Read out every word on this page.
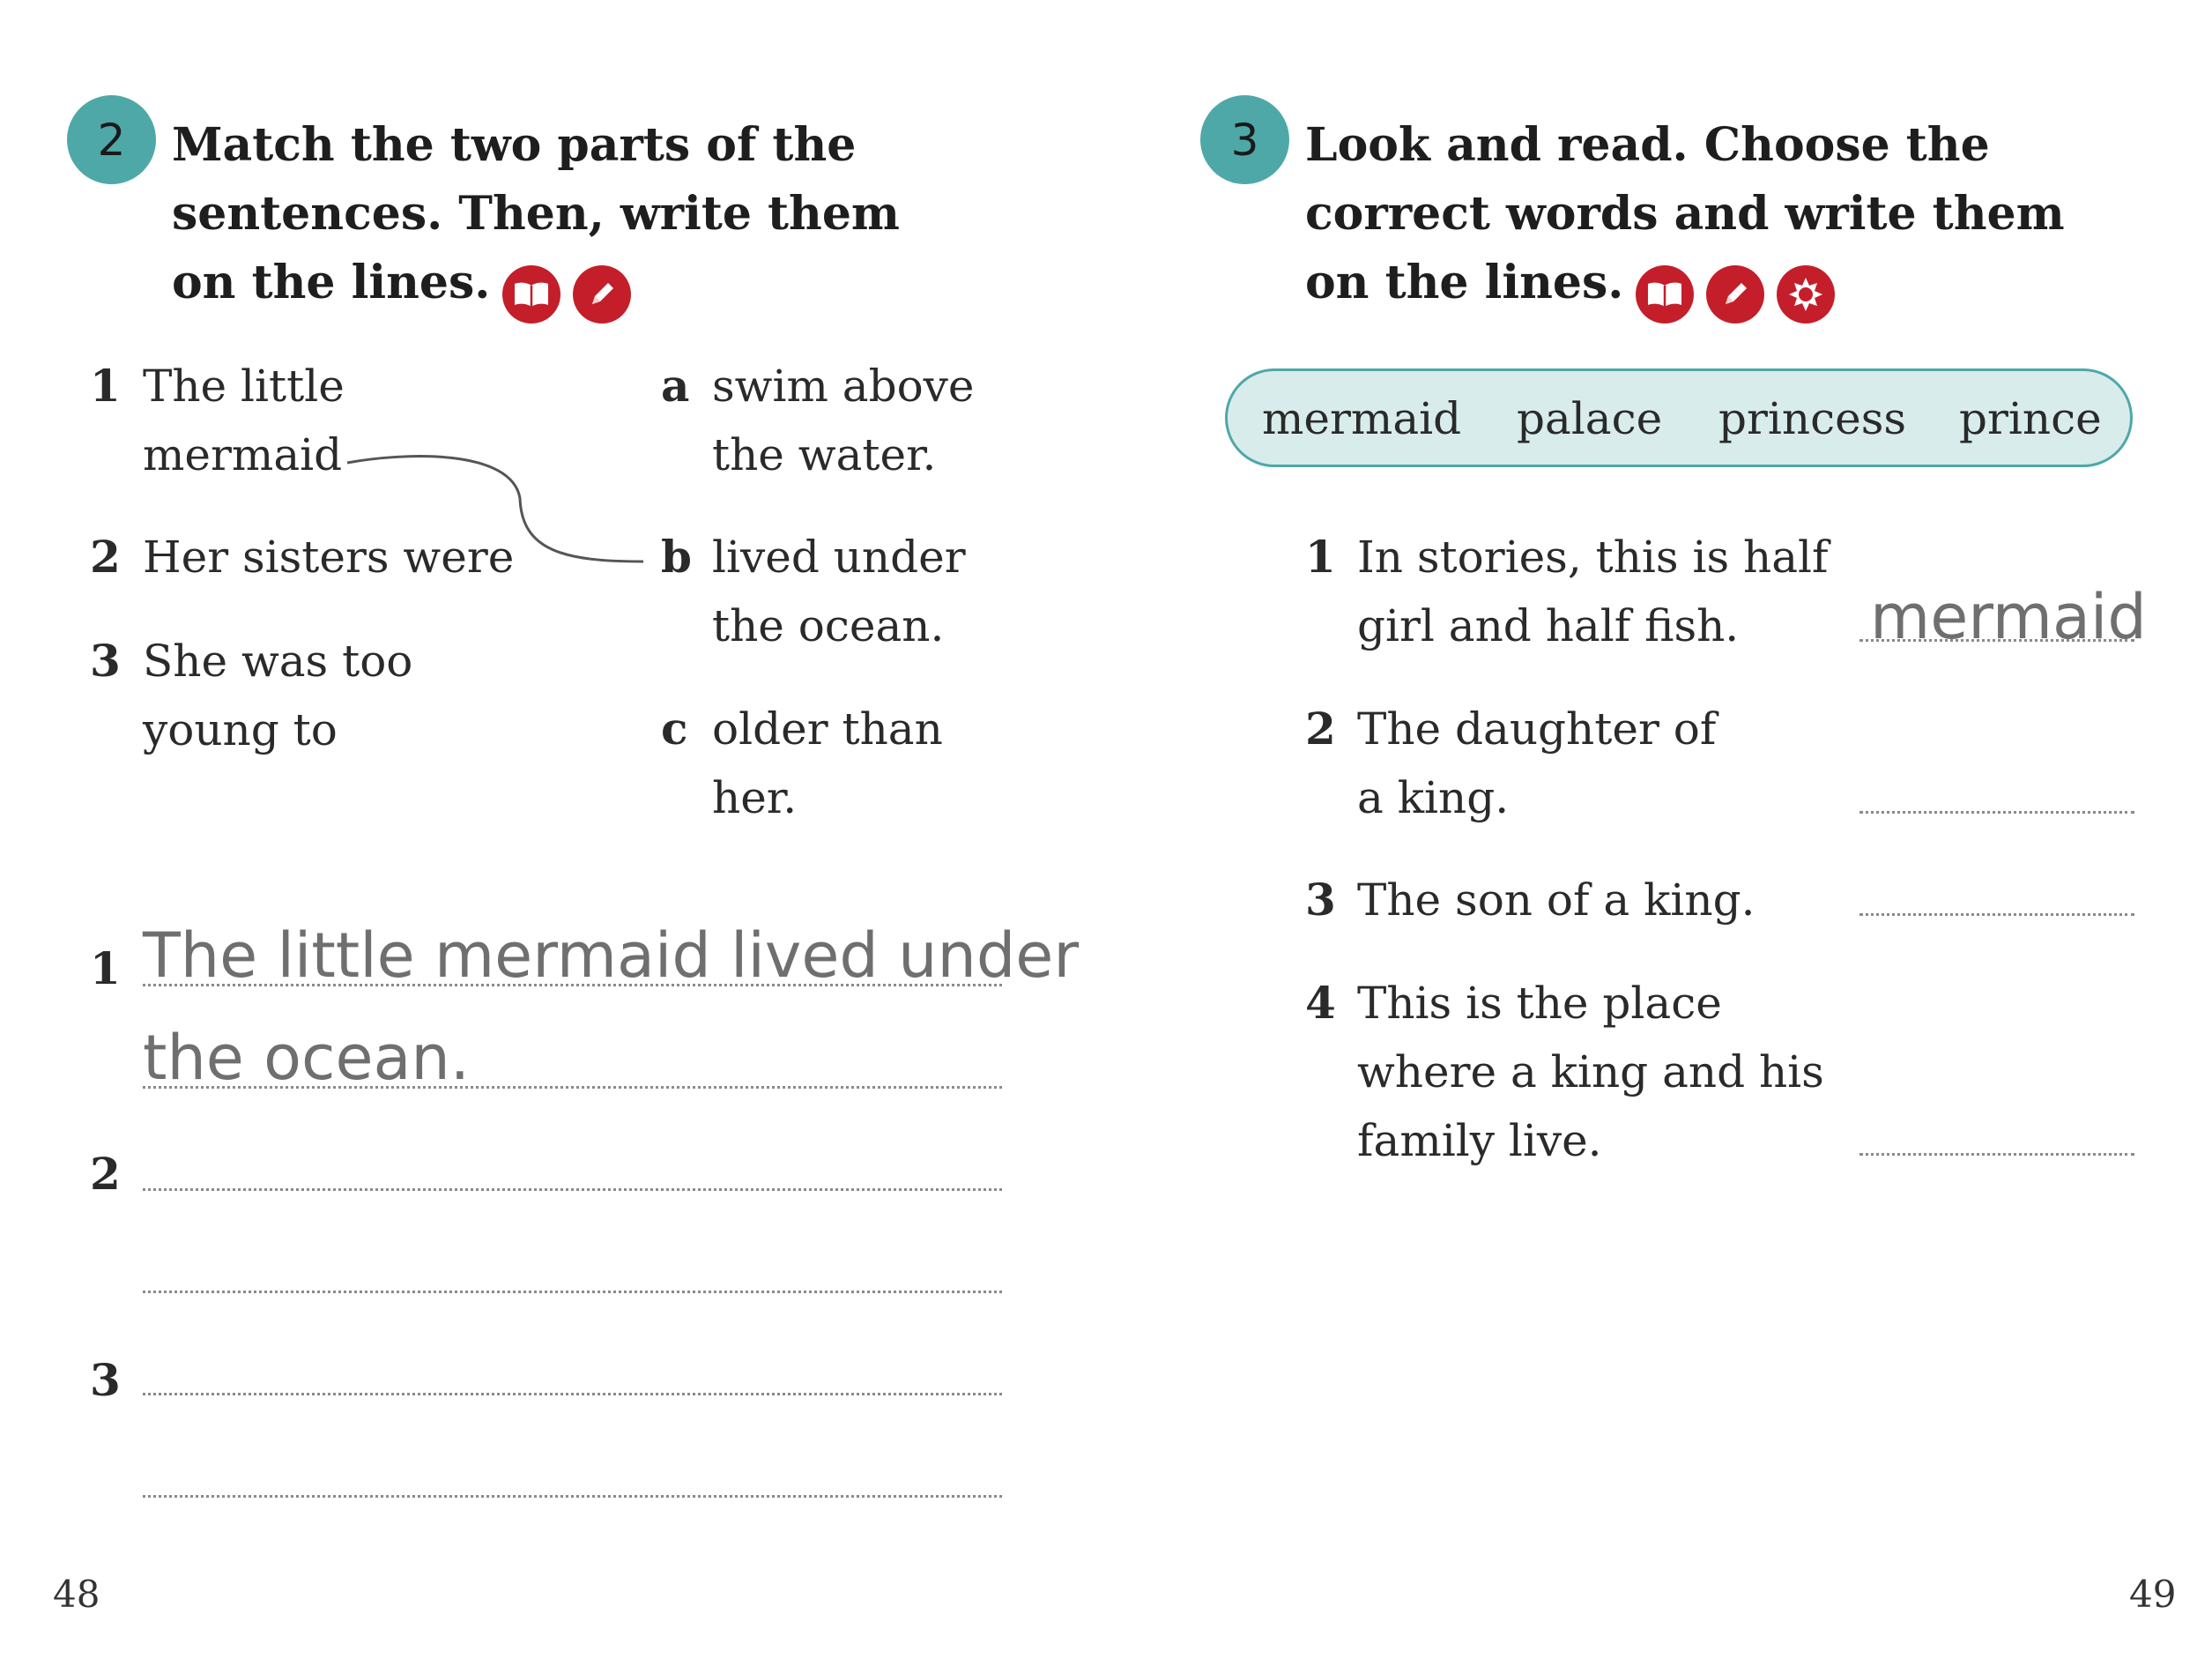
2 Match the two parts of the
sentences. Then, write them
on the lines.
1 The little
mermaid
2 Her sisters were
3 She was too
young to
a swim above
the water.
b lived under
the ocean.
c older than
her.
1 The little mermaid lived under
the ocean.
2
3
48
3 Look and read. Choose the
correct words and write them
on the lines.
mermaid palace princess prince
1 In stories, this is half
girl and half fish. mermaid
2 The daughter of
a king.
3 The son of a king.
4 This is the place
where a king and his
family live.
49
